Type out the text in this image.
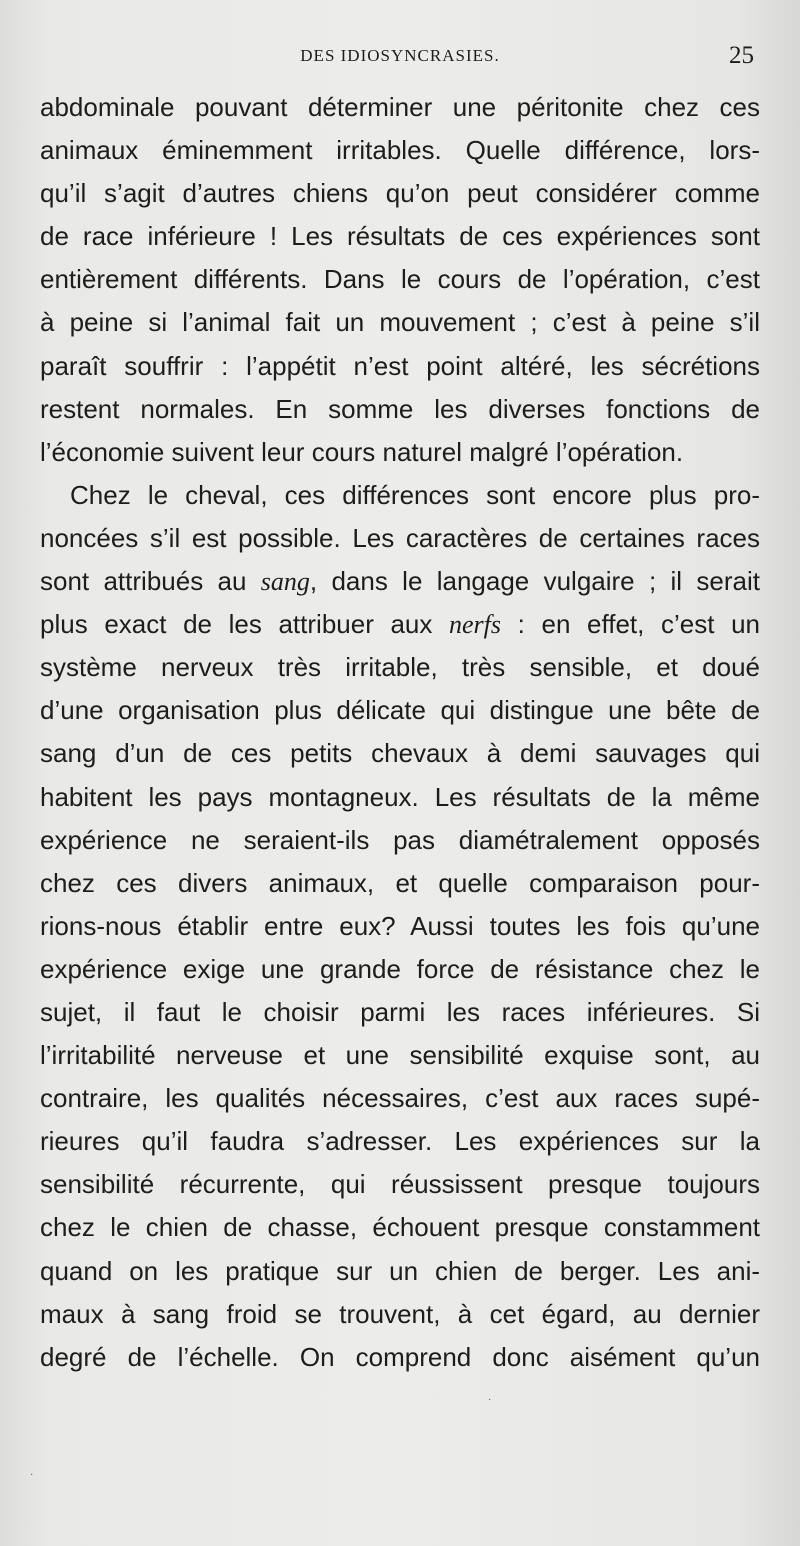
DES IDIOSYNCRASIES.	25
abdominale pouvant déterminer une péritonite chez ces
animaux éminemment irritables. Quelle différence, lors-
qu’il s’agit d’autres chiens qu’on peut considérer comme
de race inférieure ! Les résultats de ces expériences sont
entièrement différents. Dans le cours de l’opération, c’est
à peine si l’animal fait un mouvement ; c’est à peine s’il
paraît souffrir : l’appétit n’est point altéré, les sécrétions
restent normales. En somme les diverses fonctions de
l’économie suivent leur cours naturel malgré l’opération.
Chez le cheval, ces différences sont encore plus pro-
noncées s’il est possible. Les caractères de certaines races
sont attribués au sang, dans le langage vulgaire ; il serait
plus exact de les attribuer aux nerfs : en effet, c’est un
système nerveux très irritable, très sensible, et doué
d’une organisation plus délicate qui distingue une bête de
sang d’un de ces petits chevaux à demi sauvages qui
habitent les pays montagneux. Les résultats de la même
expérience ne seraient-ils pas diamétralement opposés
chez ces divers animaux, et quelle comparaison pour-
rions-nous établir entre eux? Aussi toutes les fois qu’une
expérience exige une grande force de résistance chez le
sujet, il faut le choisir parmi les races inférieures. Si
l’irritabilité nerveuse et une sensibilité exquise sont, au
contraire, les qualités nécessaires, c’est aux races supé-
rieures qu’il faudra s’adresser. Les expériences sur la
sensibilité récurrente, qui réussissent presque toujours
chez le chien de chasse, échouent presque constamment
quand on les pratique sur un chien de berger. Les ani-
maux à sang froid se trouvent, à cet égard, au dernier
degré de l’échelle. On comprend donc aisément qu’un
·
·
